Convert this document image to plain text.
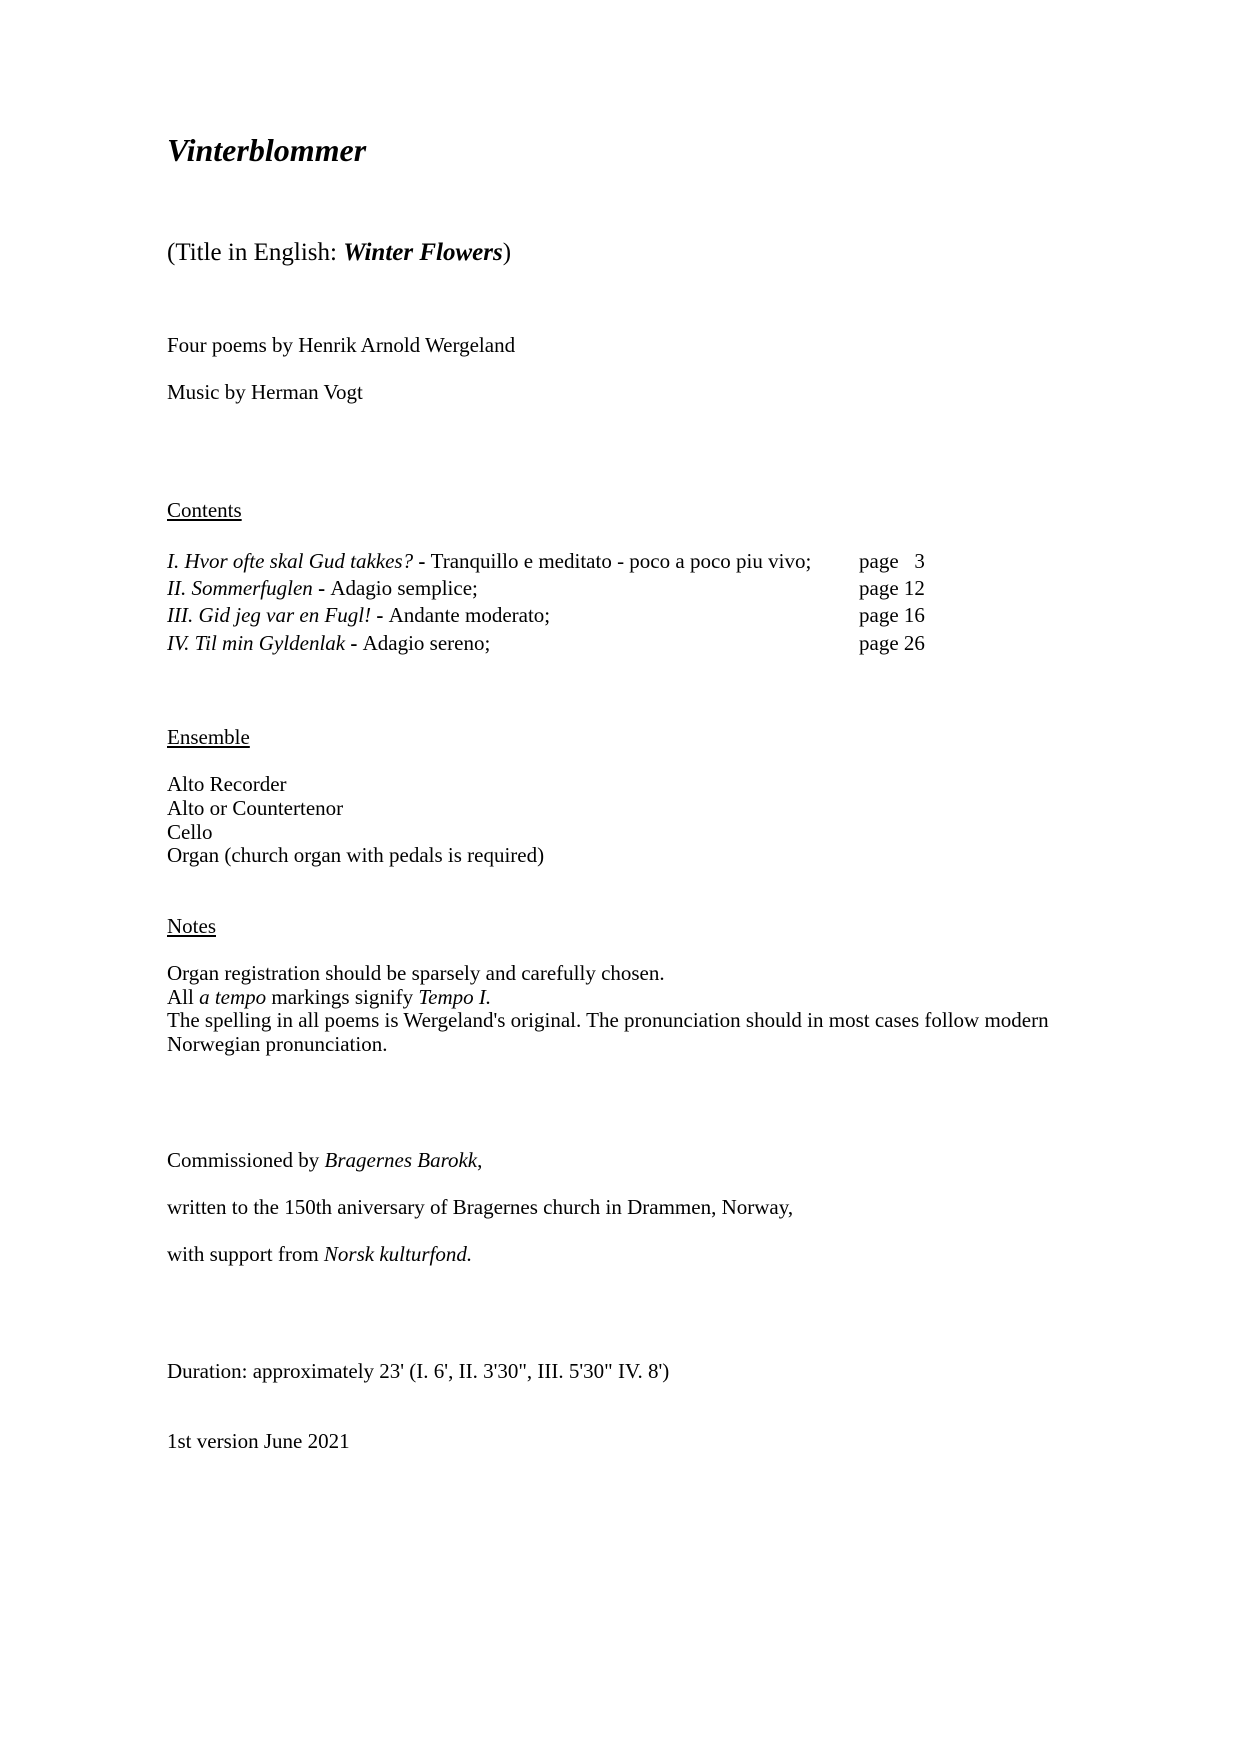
Vinterblommer
(Title in English: Winter Flowers)
Four poems by Henrik Arnold Wergeland
Music by Herman Vogt
Contents
I. Hvor ofte skal Gud takkes? - Tranquillo e meditato - poco a poco piu vivo; page   3
II. Sommerfuglen - Adagio semplice;	page 12
III. Gid jeg var en Fugl! - Andante moderato;	page 16
IV. Til min Gyldenlak - Adagio sereno;	page 26
Ensemble
Alto Recorder
Alto or Countertenor
Cello
Organ (church organ with pedals is required)
Notes
Organ registration should be sparsely and carefully chosen.
All a tempo markings signify Tempo I.
The spelling in all poems is Wergeland's original. The pronunciation should in most cases follow modern
Norwegian pronunciation.
Commissioned by Bragernes Barokk,
written to the 150th aniversary of Bragernes church in Drammen, Norway,
with support from Norsk kulturfond.
Duration: approximately 23' (I. 6', II. 3'30", III. 5'30" IV. 8')
1st version June 2021
